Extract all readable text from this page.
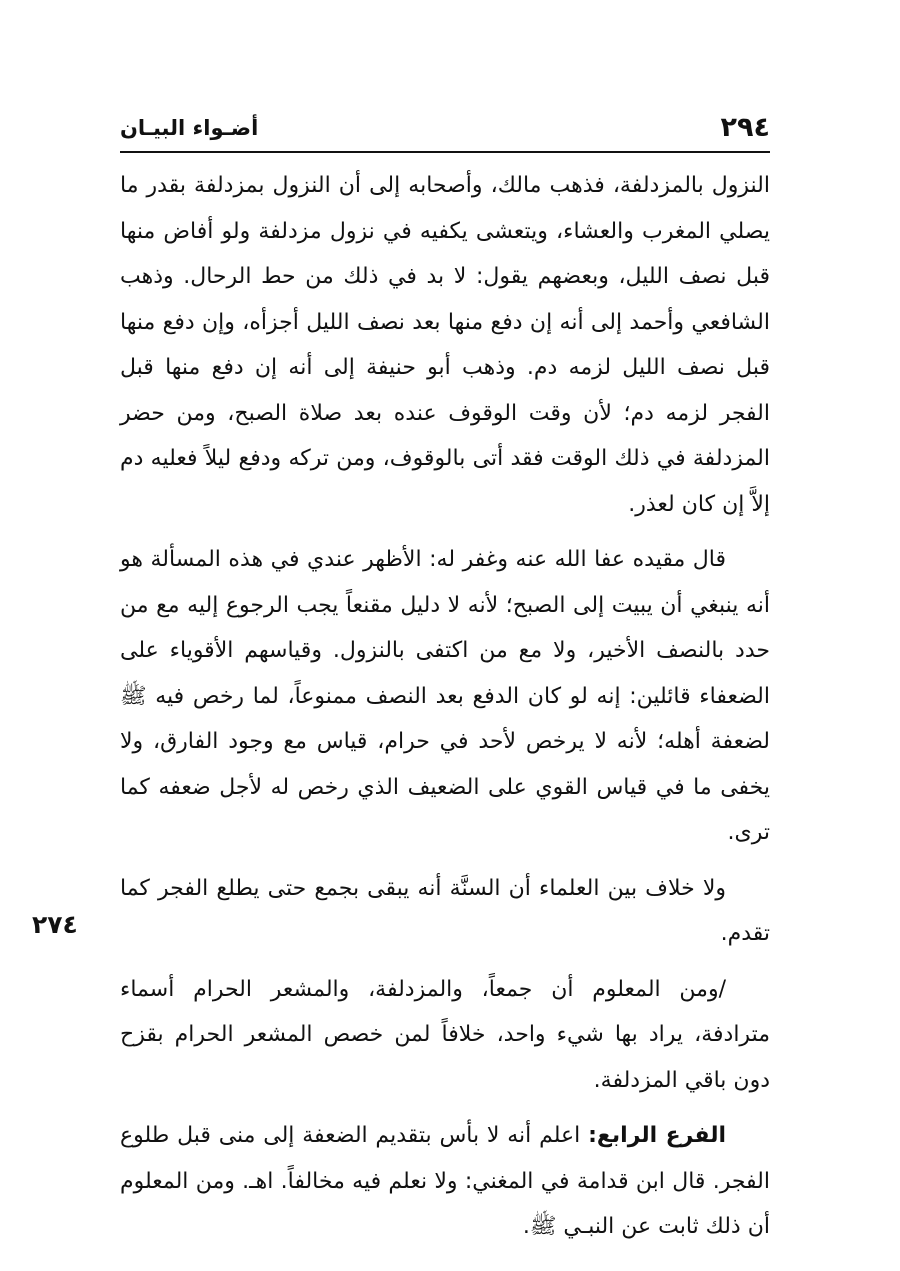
٢٩٤
أضـواء البيـان
٢٧٤

النزول بالمزدلفة، فذهب مالك، وأصحابه إلى أن النزول بمزدلفة بقدر ما يصلي المغرب والعشاء، ويتعشى يكفيه في نزول مزدلفة ولو أفاض منها قبل نصف الليل، وبعضهم يقول: لا بد في ذلك من حط الرحال. وذهب الشافعي وأحمد إلى أنه إن دفع منها بعد نصف الليل أجزأه، وإن دفع منها قبل نصف الليل لزمه دم. وذهب أبو حنيفة إلى أنه إن دفع منها قبل الفجر لزمه دم؛ لأن وقت الوقوف عنده بعد صلاة الصبح، ومن حضر المزدلفة في ذلك الوقت فقد أتى بالوقوف، ومن تركه ودفع ليلاً فعليه دم إلاَّ إن كان لعذر.

قال مقيده عفا الله عنه وغفر له: الأظهر عندي في هذه المسألة هو أنه ينبغي أن يبيت إلى الصبح؛ لأنه لا دليل مقنعاً يجب الرجوع إليه مع من حدد بالنصف الأخير، ولا مع من اكتفى بالنزول. وقياسهم الأقوياء على الضعفاء قائلين: إنه لو كان الدفع بعد النصف ممنوعاً، لما رخص فيه ﷺ لضعفة أهله؛ لأنه لا يرخص لأحد في حرام، قياس مع وجود الفارق، ولا يخفى ما في قياس القوي على الضعيف الذي رخص له لأجل ضعفه كما ترى.

ولا خلاف بين العلماء أن السنَّة أنه يبقى بجمع حتى يطلع الفجر كما تقدم.

/ومن المعلوم أن جمعاً، والمزدلفة، والمشعر الحرام أسماء مترادفة، يراد بها شيء واحد، خلافاً لمن خصص المشعر الحرام بقزح دون باقي المزدلفة.

الفرع الرابع: اعلم أنه لا بأس بتقديم الضعفة إلى منى قبل طلوع الفجر. قال ابن قدامة في المغني: ولا نعلم فيه مخالفاً. اهـ. ومن المعلوم أن ذلك ثابت عن النبـي ﷺ.
